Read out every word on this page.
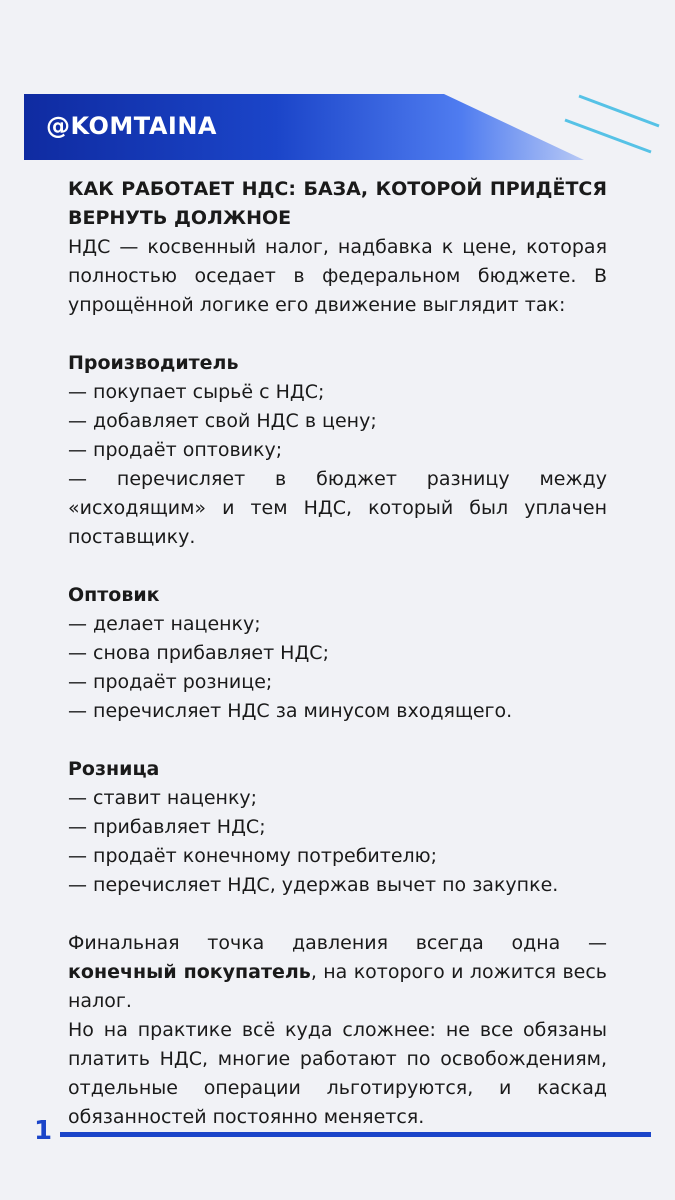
@KOMTAINA

КАК РАБОТАЕТ НДС: БАЗА, КОТОРОЙ ПРИДЁТСЯ ВЕРНУТЬ ДОЛЖНОЕ

НДС — косвенный налог, надбавка к цене, которая полностью оседает в федеральном бюджете. В упрощённой логике его движение выглядит так:

Производитель

— покупает сырьё с НДС;

— добавляет свой НДС в цену;

— продаёт оптовику;

— перечисляет в бюджет разницу между «исходящим» и тем НДС, который был уплачен поставщику.

Оптовик

— делает наценку;

— снова прибавляет НДС;

— продаёт рознице;

— перечисляет НДС за минусом входящего.

Розница

— ставит наценку;

— прибавляет НДС;

— продаёт конечному потребителю;

— перечисляет НДС, удержав вычет по закупке.

Финальная точка давления всегда одна — конечный покупатель, на которого и ложится весь налог.

Но на практике всё куда сложнее: не все обязаны платить НДС, многие работают по освобождениям, отдельные операции льготируются, и каскад обязанностей постоянно меняется.

1
